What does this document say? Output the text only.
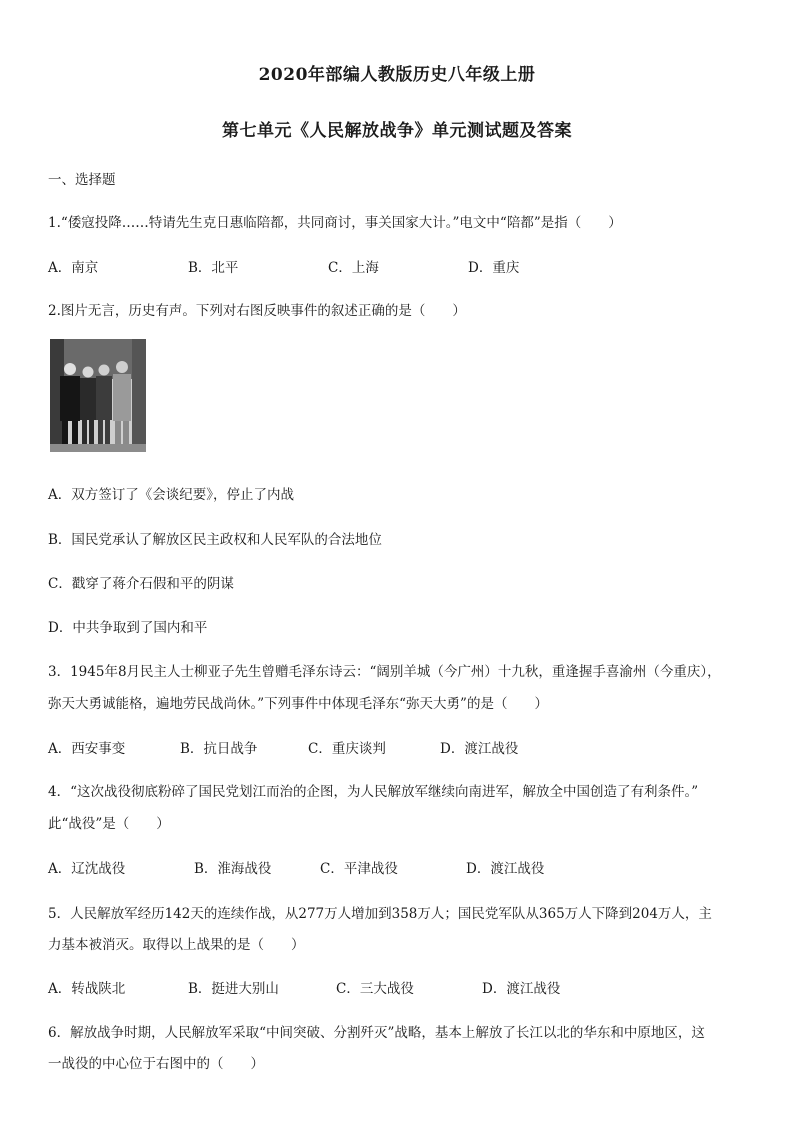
2020年部编人教版历史八年级上册
第七单元《人民解放战争》单元测试题及答案
一、选择题
1.“倭寇投降……特请先生克日惠临陪都，共同商讨，事关国家大计。”电文中“陪都”是指（　　）
A．南京	B．北平	C．上海	D．重庆
2.图片无言，历史有声。下列对右图反映事件的叙述正确的是（　　）
A．双方签订了《会谈纪要》，停止了内战
B．国民党承认了解放区民主政权和人民军队的合法地位
C．戳穿了蒋介石假和平的阴谋
D．中共争取到了国内和平
3．1945年8月民主人士柳亚子先生曾赠毛泽东诗云：“阔别羊城（今广州）十九秋，重逢握手喜渝州（今重庆），
弥天大勇诚能格，遍地劳民战尚休。”下列事件中体现毛泽东“弥天大勇”的是（　　）
A．西安事变	B．抗日战争	C．重庆谈判	D．渡江战役
4．“这次战役彻底粉碎了国民党划江而治的企图，为人民解放军继续向南进军，解放全中国创造了有利条件。”
此“战役”是（　　）
A．辽沈战役	B．淮海战役	C．平津战役	D．渡江战役
5．人民解放军经历142天的连续作战，从277万人增加到358万人；国民党军队从365万人下降到204万人，主
力基本被消灭。取得以上战果的是（　　）
A．转战陕北	B．挺进大别山	C．三大战役	D．渡江战役
6．解放战争时期，人民解放军采取“中间突破、分割歼灭”战略，基本上解放了长江以北的华东和中原地区，这
一战役的中心位于右图中的（　　）
